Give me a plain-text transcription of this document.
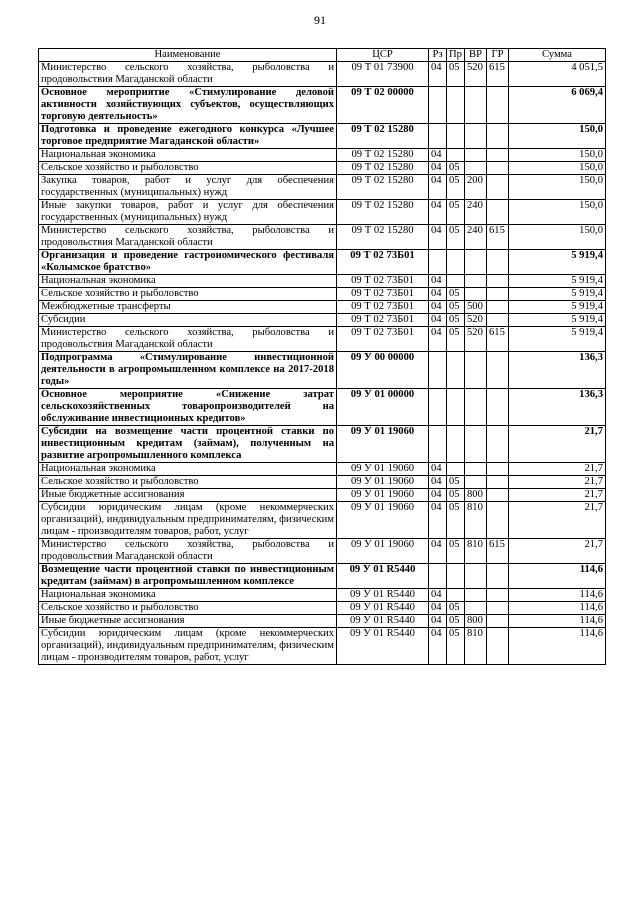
91
Наименование	ЦСР	Рз	Пр	ВР	ГР	Сумма
Министерство сельского хозяйства, рыболовства и продовольствия Магаданской области	09 Т 01 73900	04	05	520	615	4 051,5
Основное мероприятие «Стимулирование деловой активности хозяйствующих субъектов, осуществляющих торговую деятельность»	09 Т 02 00000					6 069,4
Подготовка и проведение ежегодного конкурса «Лучшее торговое предприятие Магаданской области»	09 Т 02 15280					150,0
Национальная экономика	09 Т 02 15280	04				150,0
Сельское хозяйство и рыболовство	09 Т 02 15280	04	05			150,0
Закупка товаров, работ и услуг для обеспечения государственных (муниципальных) нужд	09 Т 02 15280	04	05	200		150,0
Иные закупки товаров, работ и услуг для обеспечения государственных (муниципальных) нужд	09 Т 02 15280	04	05	240		150,0
Министерство сельского хозяйства, рыболовства и продовольствия Магаданской области	09 Т 02 15280	04	05	240	615	150,0
Организация и проведение гастрономического фестиваля «Колымское братство»	09 Т 02 73Б01					5 919,4
Национальная экономика	09 Т 02 73Б01	04				5 919,4
Сельское хозяйство и рыболовство	09 Т 02 73Б01	04	05			5 919,4
Межбюджетные трансферты	09 Т 02 73Б01	04	05	500		5 919,4
Субсидии	09 Т 02 73Б01	04	05	520		5 919,4
Министерство сельского хозяйства, рыболовства и продовольствия Магаданской области	09 Т 02 73Б01	04	05	520	615	5 919,4
Подпрограмма «Стимулирование инвестиционной деятельности в агропромышленном комплексе на 2017-2018 годы»	09 У 00 00000					136,3
Основное мероприятие «Снижение затрат сельскохозяйственных товаропроизводителей на обслуживание инвестиционных кредитов»	09 У 01 00000					136,3
Субсидии на возмещение части процентной ставки по инвестиционным кредитам (займам), полученным на развитие агропромышленного комплекса	09 У 01 19060					21,7
Национальная экономика	09 У 01 19060	04				21,7
Сельское хозяйство и рыболовство	09 У 01 19060	04	05			21,7
Иные бюджетные ассигнования	09 У 01 19060	04	05	800		21,7
Субсидии юридическим лицам (кроме некоммерческих организаций), индивидуальным предпринимателям, физическим лицам - производителям товаров, работ, услуг	09 У 01 19060	04	05	810		21,7
Министерство сельского хозяйства, рыболовства и продовольствия Магаданской области	09 У 01 19060	04	05	810	615	21,7
Возмещение части процентной ставки по инвестиционным кредитам (займам) в агропромышленном комплексе	09 У 01 R5440					114,6
Национальная экономика	09 У 01 R5440	04				114,6
Сельское хозяйство и рыболовство	09 У 01 R5440	04	05			114,6
Иные бюджетные ассигнования	09 У 01 R5440	04	05	800		114,6
Субсидии юридическим лицам (кроме некоммерческих организаций), индивидуальным предпринимателям, физическим лицам - производителям товаров, работ, услуг	09 У 01 R5440	04	05	810		114,6
